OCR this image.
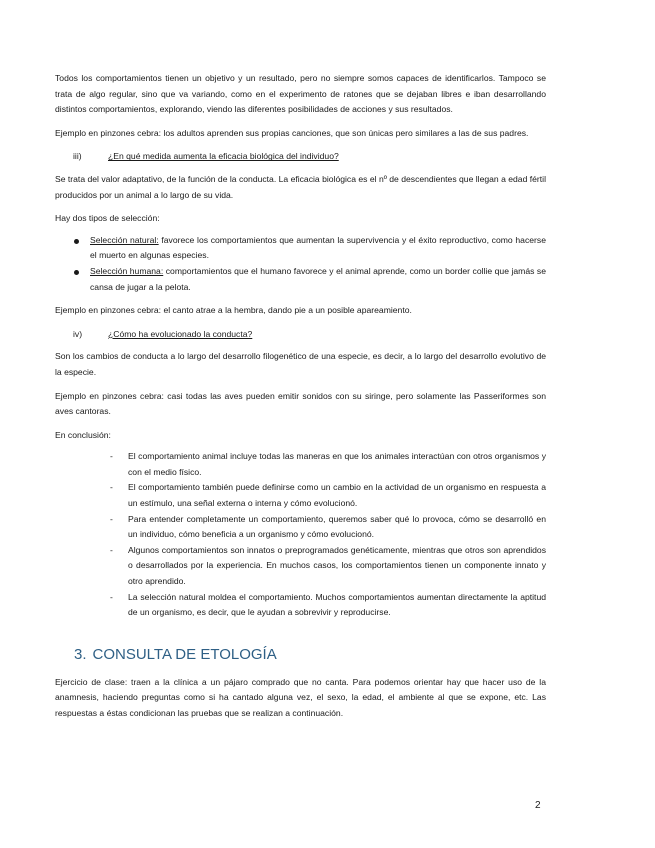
Todos los comportamientos tienen un objetivo y un resultado, pero no siempre somos capaces de identificarlos. Tampoco se trata de algo regular, sino que va variando, como en el experimento de ratones que se dejaban libres e iban desarrollando distintos comportamientos, explorando, viendo las diferentes posibilidades de acciones y sus resultados.

Ejemplo en pinzones cebra: los adultos aprenden sus propias canciones, que son únicas pero similares a las de sus padres.

iii)	¿En qué medida aumenta la eficacia biológica del individuo?

Se trata del valor adaptativo, de la función de la conducta. La eficacia biológica es el nº de descendientes que llegan a edad fértil producidos por un animal a lo largo de su vida.

Hay dos tipos de selección:

Selección natural: favorece los comportamientos que aumentan la supervivencia y el éxito reproductivo, como hacerse el muerto en algunas especies.
Selección humana: comportamientos que el humano favorece y el animal aprende, como un border collie que jamás se cansa de jugar a la pelota.

Ejemplo en pinzones cebra: el canto atrae a la hembra, dando pie a un posible apareamiento.

iv)	¿Cómo ha evolucionado la conducta?

Son los cambios de conducta a lo largo del desarrollo filogenético de una especie, es decir, a lo largo del desarrollo evolutivo de la especie.

Ejemplo en pinzones cebra: casi todas las aves pueden emitir sonidos con su siringe, pero solamente las Passeriformes son aves cantoras.

En conclusión:

- El comportamiento animal incluye todas las maneras en que los animales interactúan con otros organismos y con el medio físico.
- El comportamiento también puede definirse como un cambio en la actividad de un organismo en respuesta a un estímulo, una señal externa o interna y cómo evolucionó.
- Para entender completamente un comportamiento, queremos saber qué lo provoca, cómo se desarrolló en un individuo, cómo beneficia a un organismo y cómo evolucionó.
- Algunos comportamientos son innatos o preprogramados genéticamente, mientras que otros son aprendidos o desarrollados por la experiencia. En muchos casos, los comportamientos tienen un componente innato y otro aprendido.
- La selección natural moldea el comportamiento. Muchos comportamientos aumentan directamente la aptitud de un organismo, es decir, que le ayudan a sobrevivir y reproducirse.
3. CONSULTA DE ETOLOGÍA

Ejercicio de clase: traen a la clínica a un pájaro comprado que no canta. Para podemos orientar hay que hacer uso de la anamnesis, haciendo preguntas como si ha cantado alguna vez, el sexo, la edad, el ambiente al que se expone, etc. Las respuestas a éstas condicionan las pruebas que se realizan a continuación.

2
